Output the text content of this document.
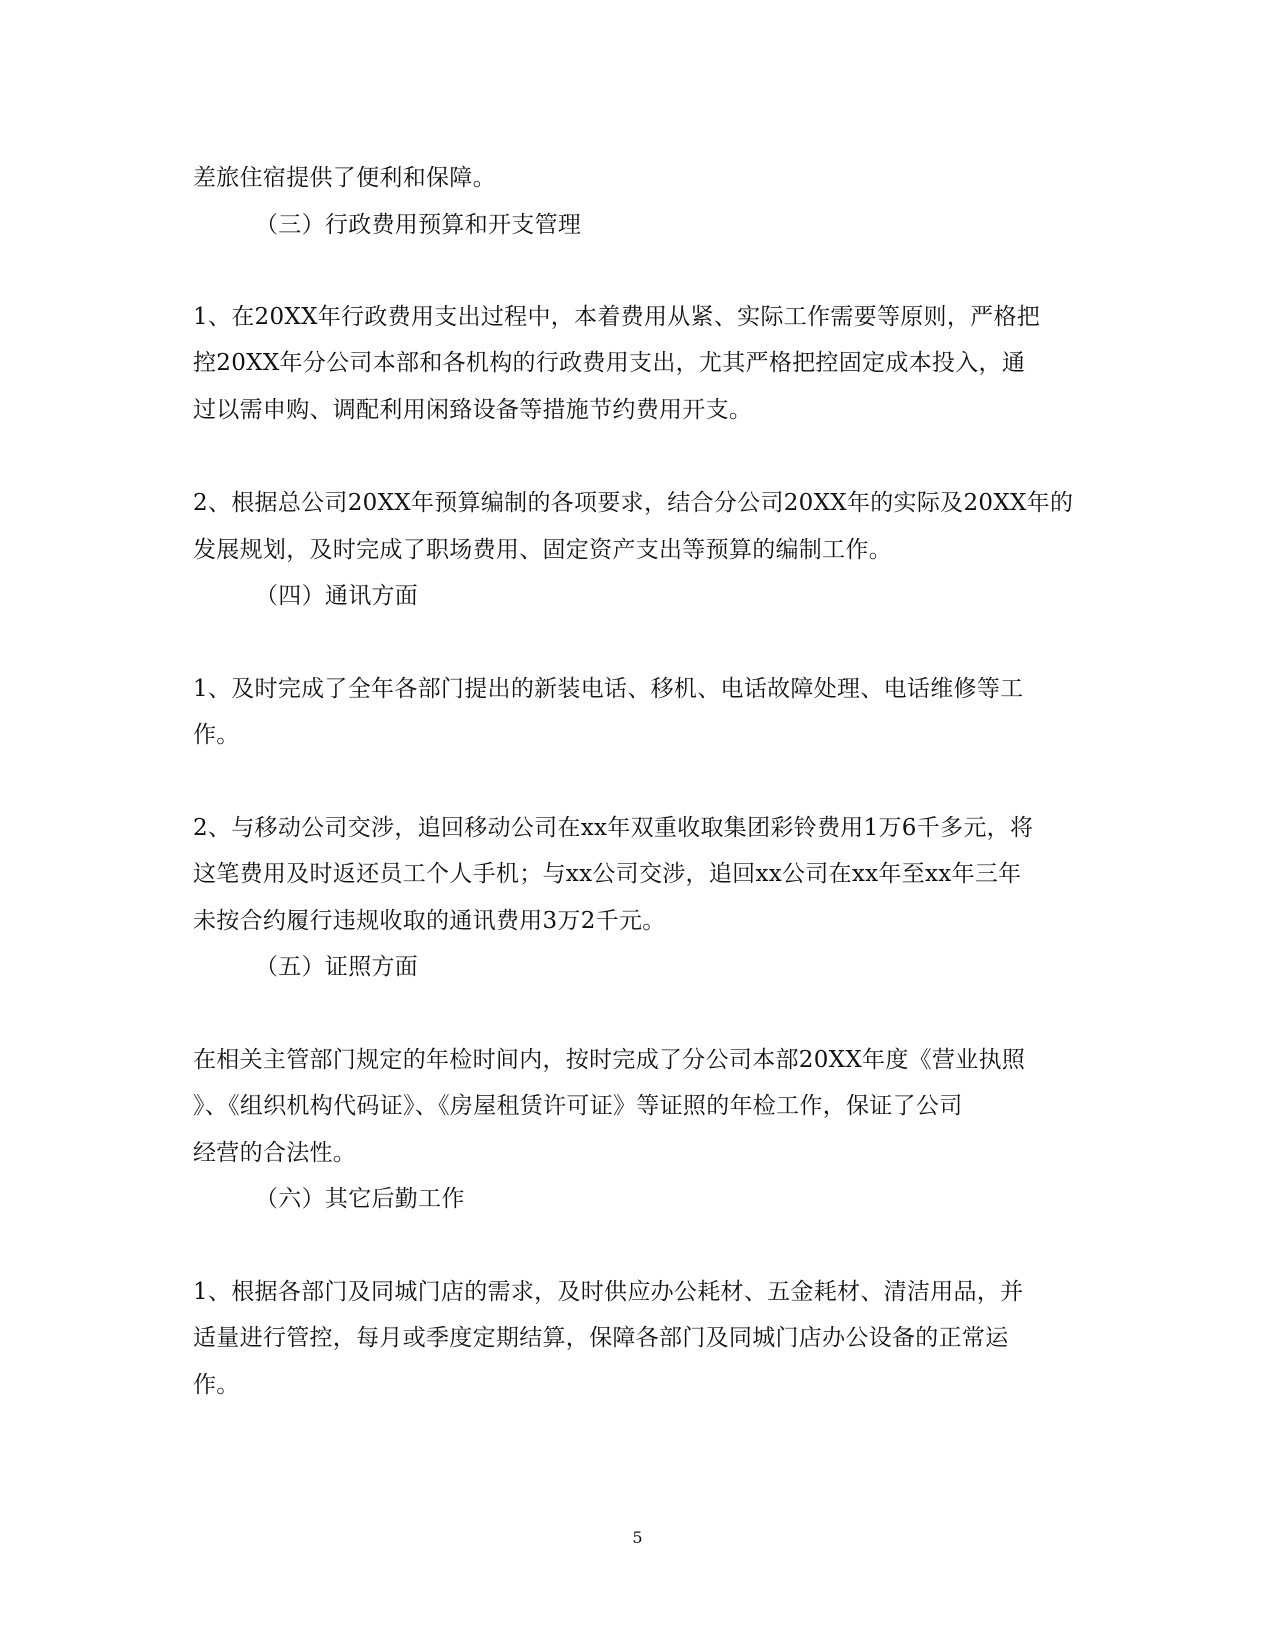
差旅住宿提供了便利和保障。
（三）行政费用预算和开支管理
1、在20XX年行政费用支出过程中，本着费用从紧、实际工作需要等原则，严格把
控20XX年分公司本部和各机构的行政费用支出，尤其严格把控固定成本投入，通
过以需申购、调配利用闲臵设备等措施节约费用开支。
2、根据总公司20XX年预算编制的各项要求，结合分公司20XX年的实际及20XX年的
发展规划，及时完成了职场费用、固定资产支出等预算的编制工作。
（四）通讯方面
1、及时完成了全年各部门提出的新装电话、移机、电话故障处理、电话维修等工
作。
2、与移动公司交涉，追回移动公司在xx年双重收取集团彩铃费用1万6千多元，将
这笔费用及时返还员工个人手机；与xx公司交涉，追回xx公司在xx年至xx年三年
未按合约履行违规收取的通讯费用3万2千元。
（五）证照方面
在相关主管部门规定的年检时间内，按时完成了分公司本部20XX年度《营业执照
》、《组织机构代码证》、《房屋租赁许可证》等证照的年检工作，保证了公司
经营的合法性。
（六）其它后勤工作
1、根据各部门及同城门店的需求，及时供应办公耗材、五金耗材、清洁用品，并
适量进行管控，每月或季度定期结算，保障各部门及同城门店办公设备的正常运
作。
5
